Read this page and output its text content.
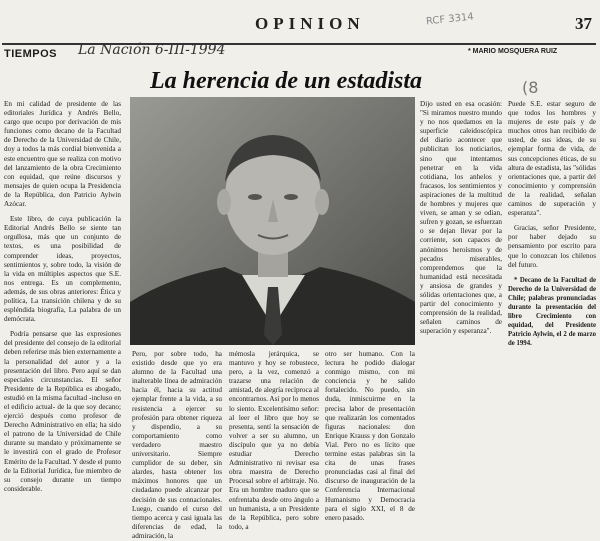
OPINION	RCF 3314	37
TIEMPOS La Nación 6-III-1994	* MARIO MOSQUERA RUIZ
La herencia de un estadista	(8

En mi calidad de presidente de las editoriales Jurídica y Andrés Bello, cargo que ocupo por derivación de mis funciones como decano de la Facultad de Derecho de la Universidad de Chile, doy a todos la más cordial bienvenida a este encuentro que se realiza con motivo del lanzamiento de la obra Crecimiento con equidad, que reúne discursos y mensajes de quien ocupa la Presidencia de la República, don Patricio Aylwin Azócar.

Este libro, de cuya publicación la Editorial Andrés Bello se siente tan orgullosa, más que un conjunto de textos, es una posibilidad de comprender ideas, proyectos, sentimientos y, sobre todo, la visión de la vida en múltiples aspectos que S.E. nos entrega. Es un complemento, además, de sus obras anteriores: Ética y política, La transición chilena y de su espléndida biografía, La palabra de un demócrata.

Podría pensarse que las expresiones del presidente del consejo de la editorial deben referirse más bien externamente a la personalidad del autor y a la presentación del libro. Pero aquí se dan especiales circunstancias. El señor Presidente de la República es abogado, estudió en la misma facultad -incluso en el edificio actual- de la que soy decano; ejerció después como profesor de Derecho Administrativo en ella; ha sido el patrono de la Universidad de Chile durante su mandato y próximamente se le investirá con el grado de Profesor Emérito de la Facultad. Y desde el punto de la Editorial Jurídica, fue miembro de su consejo durante un tiempo considerable.

Pero, por sobre todo, ha existido desde que yo era alumno de la Facultad una inalterable línea de admiración hacia él, hacia su actitud ejemplar frente a la vida, a su resistencia a ejercer su profesión para obtener riqueza y dispendio, a su comportamiento como verdadero maestro universitario. Siempre cumplidor de su deber, sin alardes, hasta obtener los máximos honores que un ciudadano puede alcanzar por decisión de sus connacionales. Luego, cuando el curso del tiempo acerca y casi iguala las diferencias de edad, la admiración, la

mémosla jerárquica, se mantuvo y hoy se robustece, pero, a la vez, comenzó a trazarse una relación de amistad, de alegría recíproca al encontrarnos. Así por lo menos lo siento. Excelentísimo señor: al leer el libro que hoy se presenta, sentí la sensación de volver a ser su alumno, un discípulo que ya no debía estudiar Derecho Administrativo ni revisar esa obra maestra de Derecho Procesal sobre el arbitraje. No. Era un hombre maduro que se enfrentaba desde otro ángulo a un humanista, a un Presidente de la República, pero sobre todo, a

otro ser humano. Con la lectura he podido dialogar conmigo mismo, con mi conciencia y he salido fortalecido. No puedo, sin duda, inmiscuirme en la precisa labor de presentación que realizarán los comentados figuras nacionales: don Enrique Krauss y don Gonzalo Vial. Pero no es lícito que termine estas palabras sin la cita de unas frases pronunciadas casi al final del discurso de inauguración de la Conferencia Internacional Humanismo y Democracia para el siglo XXI, el 8 de enero pasado.

Dijo usted en esa ocasión: "Si miramos nuestro mundo y no nos quedamos en la superficie caleidoscópica del diario acontecer que publicitan los noticiarios, sino que intentamos penetrar en la vida cotidiana, los anhelos y fracasos, los sentimientos y aspiraciones de la multitud de hombres y mujeres que viven, se aman y se odian, sufren y gozan, se esfuerzan o se dejan llevar por la corriente, son capaces de anónimos heroísmos y de pecados miserables, comprendemos que la humanidad está necesitada y ansiosa de grandes y sólidas orientaciones que, a partir del conocimiento y comprensión de la realidad, señalen caminos de superación y esperanza".

Puede S.E. estar seguro de que todos los hombres y mujeres de este país y de muchos otros han recibido de usted, de sus ideas, de su ejemplar forma de vida, de sus concepciones éticas, de su altura de estadista, las "sólidas orientaciones que, a partir del conocimiento y comprensión de la realidad, señalan caminos de superación y esperanza".

Gracias, señor Presidente, por haber dejado su pensamiento por escrito para que lo conozcan los chilenos del futuro.

* Decano de la Facultad de Derecho de la Universidad de Chile; palabras pronunciadas durante la presentación del libro Crecimiento con equidad, del Presidente Patricio Aylwin, el 2 de marzo de 1994.
